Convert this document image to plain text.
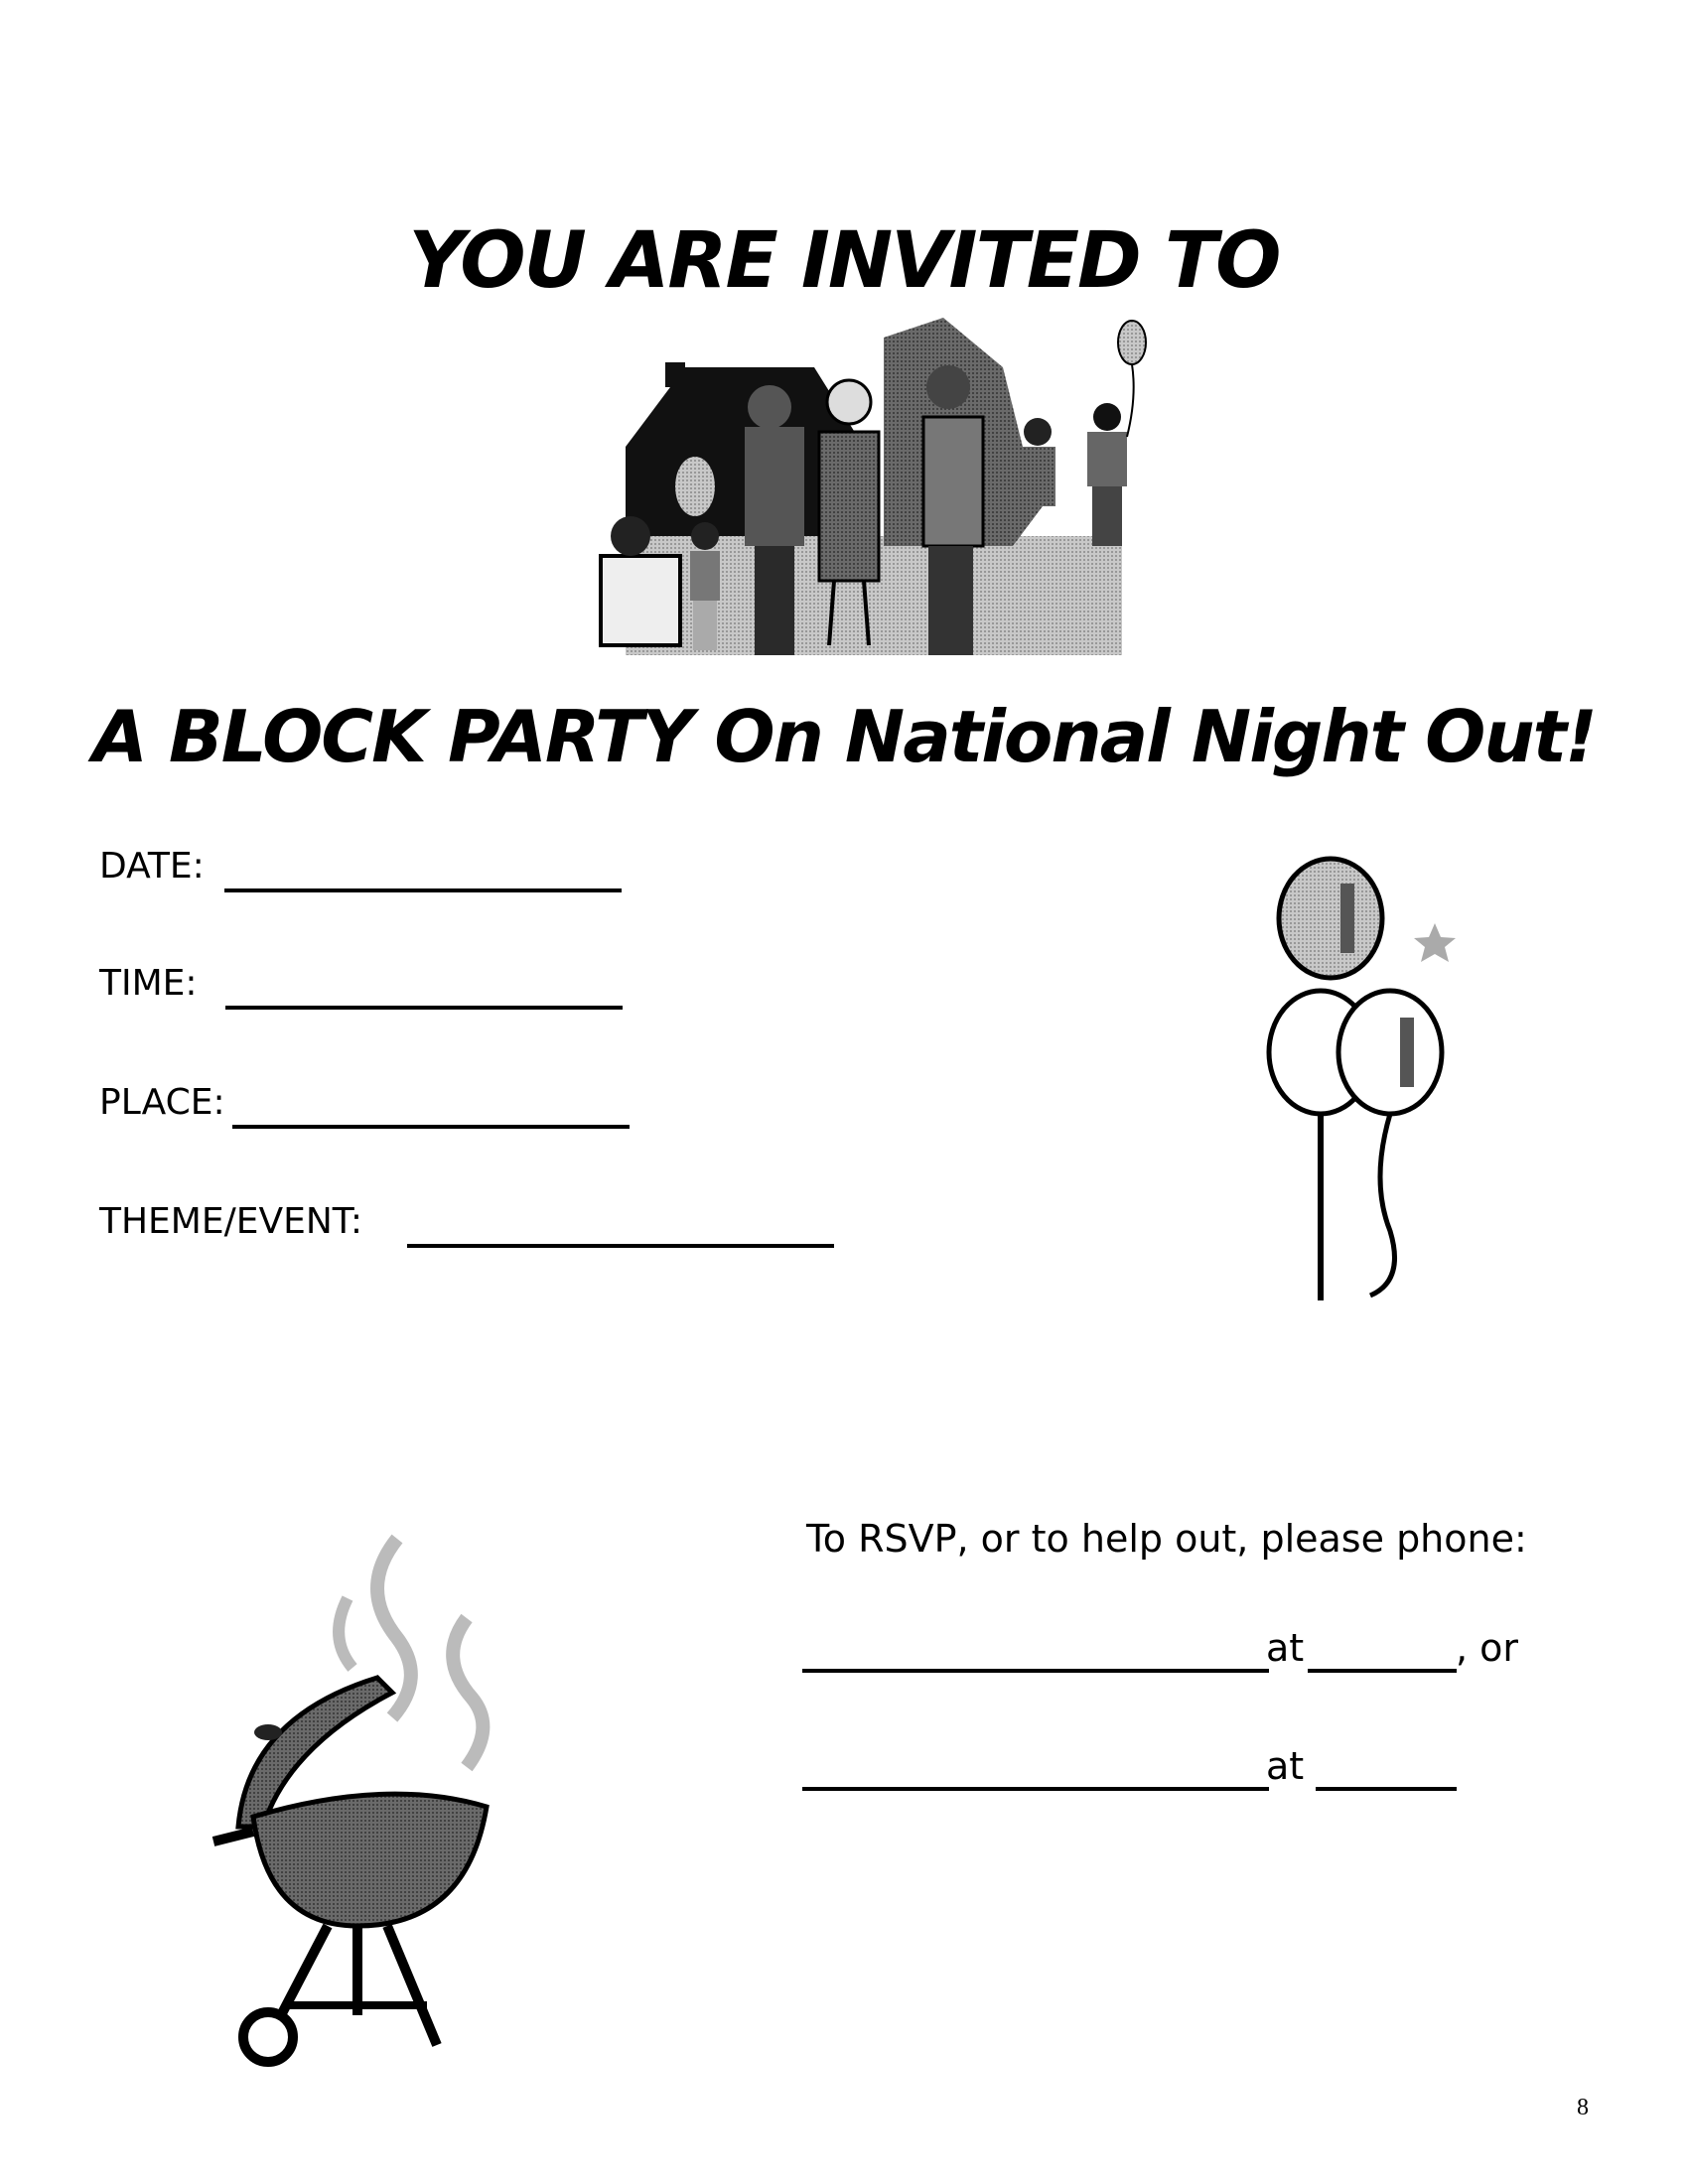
YOU ARE INVITED TO
A BLOCK PARTY On National Night Out!
DATE:
TIME:
PLACE:
THEME/EVENT:
To RSVP, or to help out, please phone:
at	, or
at
8
